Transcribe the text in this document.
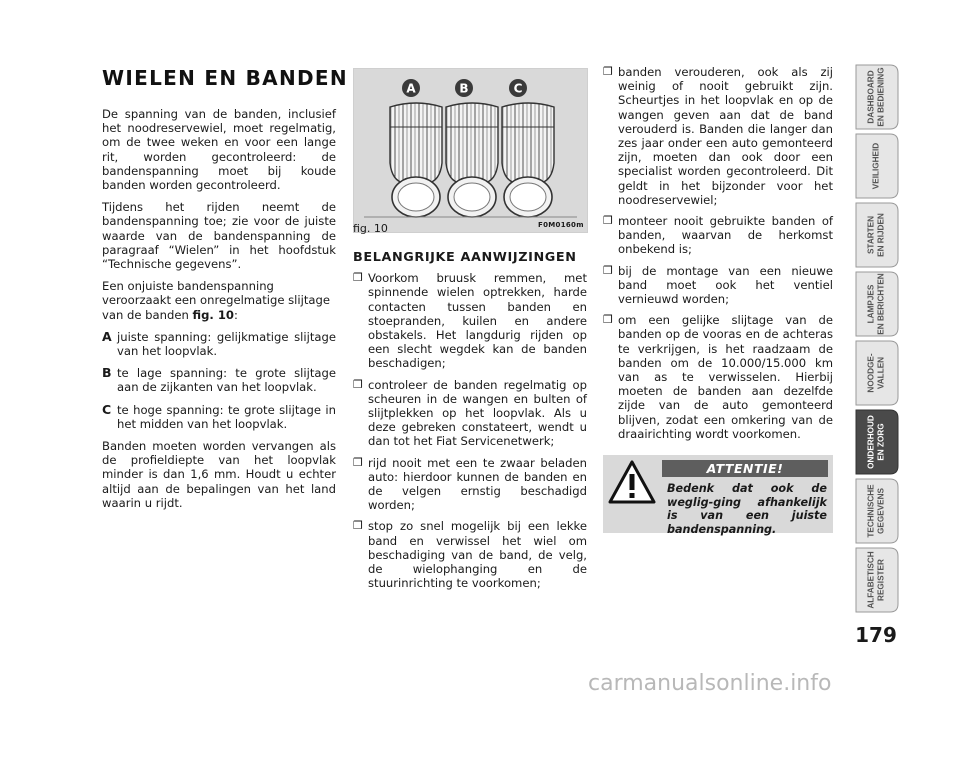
WIELEN EN BANDEN

De spanning van de banden, inclusief het noodreservewiel, moet regelmatig, om de twee weken en voor een lange rit, worden gecontroleerd: de bandenspanning moet bij koude banden worden gecontroleerd.

Tijdens het rijden neemt de bandenspanning toe; zie voor de juiste waarde van de bandenspanning de paragraaf “Wielen” in het hoofdstuk “Technische gegevens”.

Een onjuiste bandenspanning veroorzaakt een onregelmatige slijtage van de banden fig. 10:

A juiste spanning: gelijkmatige slijtage van het loopvlak.
B te lage spanning: te grote slijtage aan de zijkanten van het loopvlak.
C te hoge spanning: te grote slijtage in het midden van het loopvlak.

Banden moeten worden vervangen als de profieldiepte van het loopvlak minder is dan 1,6 mm. Houdt u echter altijd aan de bepalingen van het land waarin u rijdt.

A	B	C
fig. 10	F0M0160m
BELANGRIJKE AANWIJZINGEN
❒ Voorkom bruusk remmen, met spinnende wielen optrekken, harde contacten tussen banden en stoepranden, kuilen en andere obstakels. Het langdurig rijden op een slecht wegdek kan de banden beschadigen;
❒ controleer de banden regelmatig op scheuren in de wangen en bulten of slijtplekken op het loopvlak. Als u deze gebreken constateert, wendt u dan tot het Fiat Servicenetwerk;
❒ rijd nooit met een te zwaar beladen auto: hierdoor kunnen de banden en de velgen ernstig beschadigd worden;
❒ stop zo snel mogelijk bij een lekke band en verwissel het wiel om beschadiging van de band, de velg, de wielophanging en de stuurinrichting te voorkomen;
❒ banden verouderen, ook als zij weinig of nooit gebruikt zijn. Scheurtjes in het loopvlak en op de wangen geven aan dat de band verouderd is. Banden die langer dan zes jaar onder een auto gemonteerd zijn, moeten dan ook door een specialist worden gecontroleerd. Dit geldt in het bijzonder voor het noodreservewiel;
❒ monteer nooit gebruikte banden of banden, waarvan de herkomst onbekend is;
❒ bij de montage van een nieuwe band moet ook het ventiel vernieuwd worden;
❒ om een gelijke slijtage van de banden op de vooras en de achteras te verkrijgen, is het raadzaam de banden om de 10.000/15.000 km van as te verwisselen. Hierbij moeten de banden aan dezelfde zijde van de auto gemonteerd blijven, zodat een omkering van de draairichting wordt voorkomen.
ATTENTIE!
Bedenk dat ook de weglig-ging afhankelijk is van een juiste bandenspanning.
DASHBOARD
EN BEDIENING
VEILIGHEID
STARTEN
EN RIJDEN
LAMPJES
EN BERICHTEN
NOODGE-
VALLEN
ONDERHOUD
EN ZORG
TECHNISCHE
GEGEVENS
ALFABETISCH
REGISTER
179
carmanualsonline.info
